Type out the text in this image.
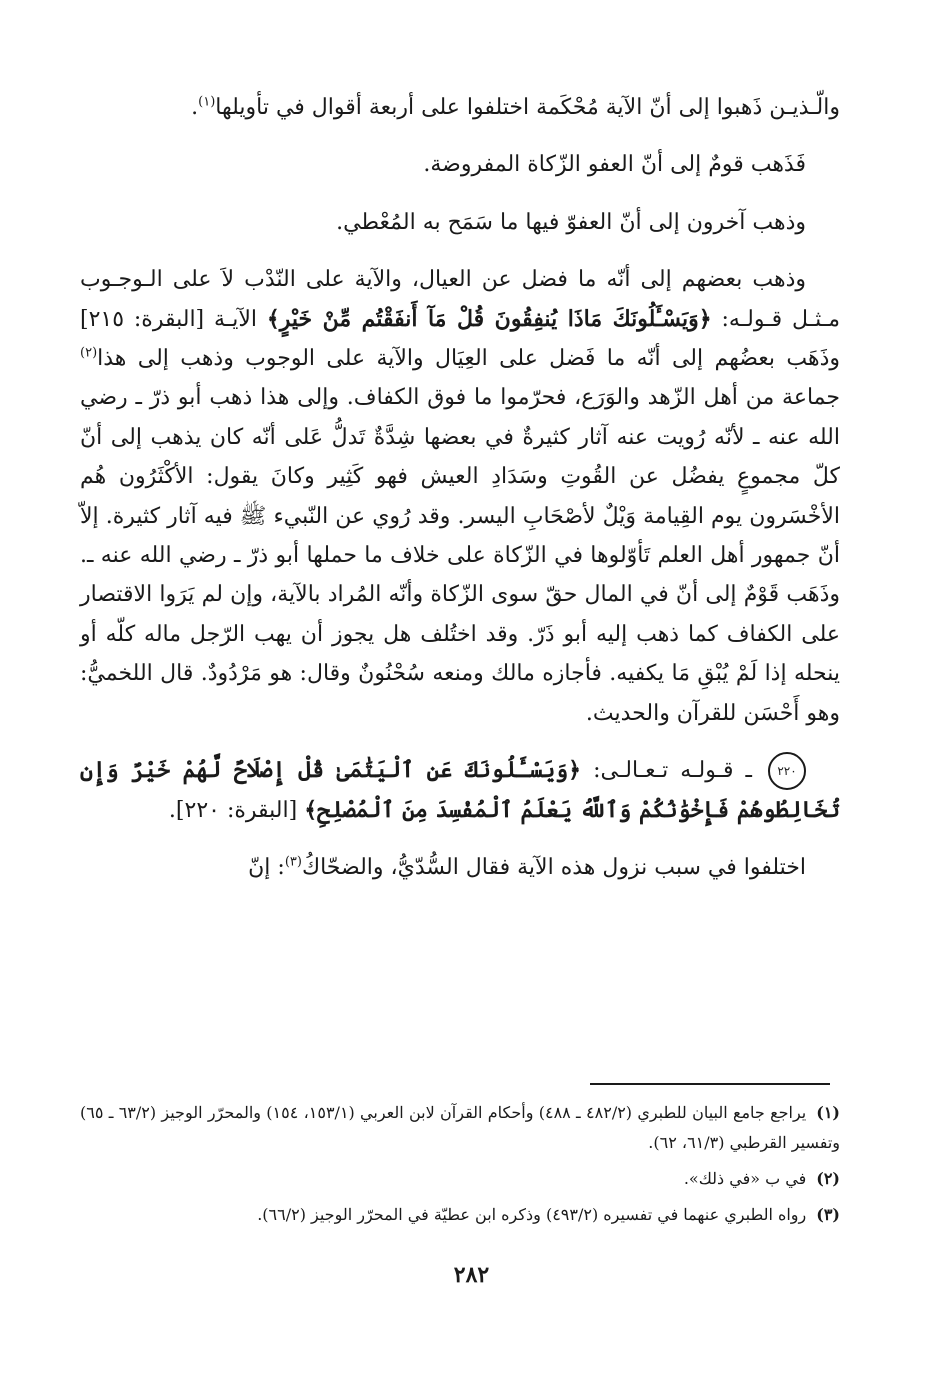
والّـذيـن ذَهبوا إلى أنّ الآية مُحْكَمة اختلفوا على أربعة أقوال في تأويلها$^{(١)}$.

فَذَهب قومٌ إلى أنّ العفو الزّكاة المفروضة.

وذهب آخرون إلى أنّ العفوّ فيها ما سَمَح به المُعْطي.

وذهب بعضهم إلى أنّه ما فضل عن العيال، والآية على النّدْب لاَ على الـوجـوب مـثـل قـولـه: ﴿وَيَسْـَٔلُونَكَ مَاذَا يُنفِقُونَ قُلْ مَآ أَنفَقْتُم مِّنْ خَيْرٍ﴾ الآيـة [البقرة: ٢١٥] وذَهَب بعضُهم إلى أنّه ما فَضل على العِيَال والآية على الوجوب وذهب إلى هذا$^{(٢)}$ جماعة من أهل الزّهد والوَرَع، فحرّموا ما فوق الكفاف. وإلى هذا ذهب أبو ذرّ ـ رضي الله عنه ـ لأنّه رُويت عنه آثار كثيرةٌ في بعضها شِدَّةٌ تَدلُّ عَلى أنّه كان يذهب إلى أنّ كلّ مجموعٍ يفضُل عن القُوتِ وسَدَادِ العيش فهو كَثِير وكانَ يقول: الأكْثَرُون هُم الأخْسَرون يوم القِيامة وَيْلٌ لأصْحَابِ اليسر. وقد رُوي عن النّبيء ﷺ فيه آثار كثيرة. إلاّ أنّ جمهور أهل العلم تَأوّلوها في الزّكاة على خلاف ما حملها أبو ذرّ ـ رضي الله عنه ـ. وذَهَب قَوْمٌ إلى أنّ في المال حقّ سوى الزّكاة وأنّه المُراد بالآية، وإن لم يَرَوا الاقتصار على الكفاف كما ذهب إليه أبو ذَرّ. وقد اختُلف هل يجوز أن يهب الرّجل ماله كلّه أو ينحله إذا لَمْ يُبْقِ مَا يكفيه. فأجازه مالك ومنعه سُحْنُونٌ وقال: هو مَرْدُودٌ. قال اللخميُّ: وهو أَحْسَن للقرآن والحديث.

٢٢٠ ـ قـولـه تـعـالـى: ﴿وَيَسْـَٔلُونَكَ عَنِ ٱلْيَتَٰمَىٰ قُلْ إِصْلَاحٌ لَّهُمْ خَيْرٌ وَإِن تُخَالِطُوهُمْ فَإِخْوَٰنُكُمْ وَٱللَّهُ يَعْلَمُ ٱلْمُفْسِدَ مِنَ ٱلْمُصْلِحِ﴾ [البقرة: ٢٢٠].

اختلفوا في سبب نزول هذه الآية فقال السُّدّيُّ، والضحّاكُ$^{(٣)}$: إنّ

(١)يراجع جامع البيان للطبري (٤٨٢/٢ ـ ٤٨٨) وأحكام القرآن لابن العربي (١٥٣/١، ١٥٤) والمحرّر الوجيز (٦٣/٢ ـ ٦٥) وتفسير القرطبي (٦١/٣، ٦٢).

(٢)في ب «في ذلك».

(٣)رواه الطبري عنهما في تفسيره (٤٩٣/٢) وذكره ابن عطيّة في المحرّر الوجيز (٦٦/٢).

٢٨٢
